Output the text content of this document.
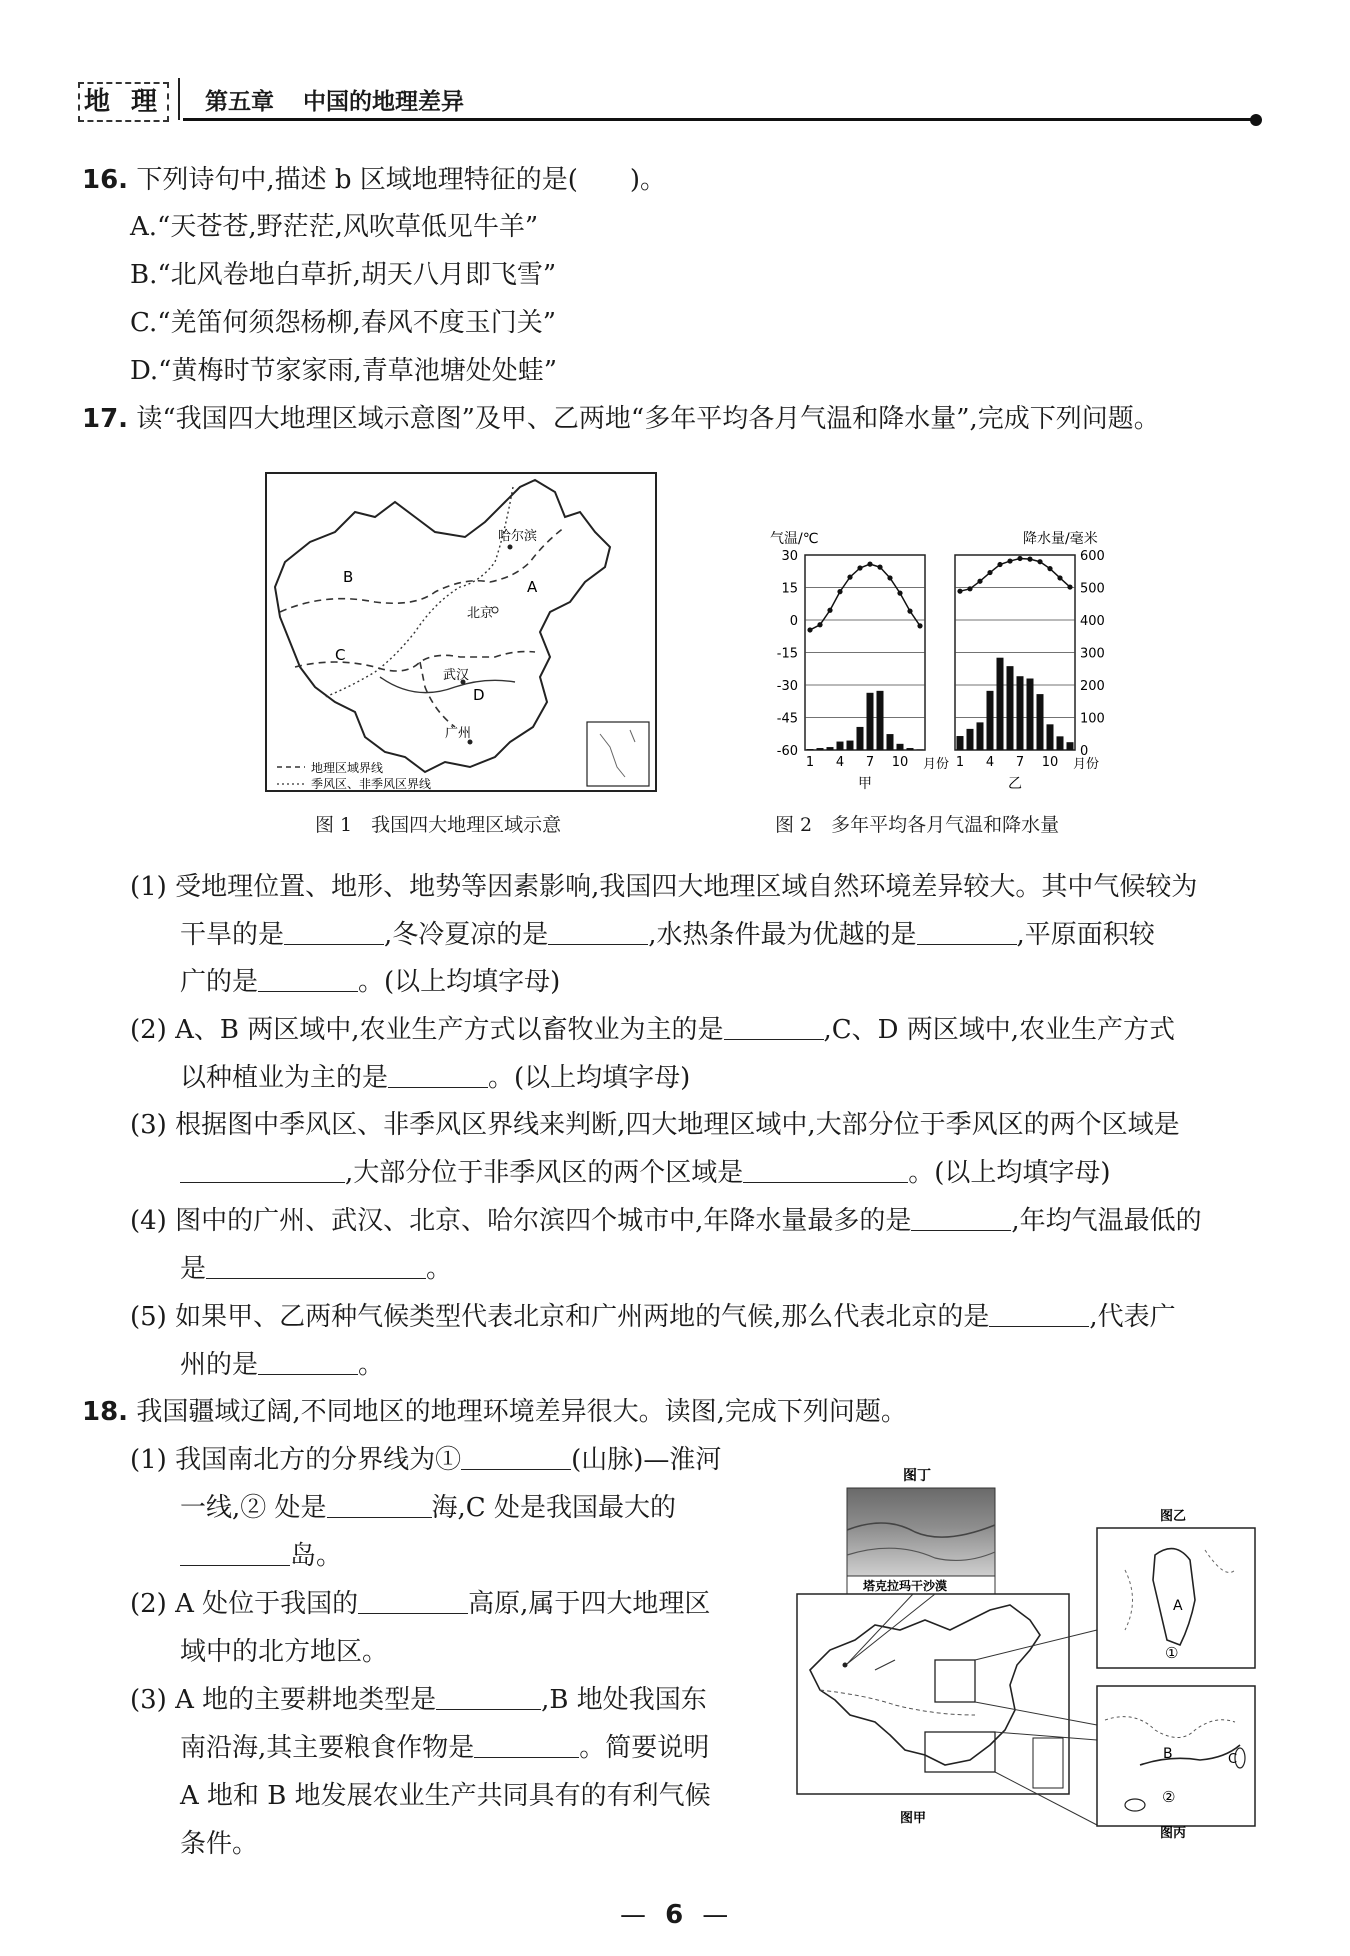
地 理 第五章 中国的地理差异
16. 下列诗句中,描述 b 区域地理特征的是(　　)。
A.“天苍苍,野茫茫,风吹草低见牛羊”
B.“北风卷地白草折,胡天八月即飞雪”
C.“羌笛何须怨杨柳,春风不度玉门关”
D.“黄梅时节家家雨,青草池塘处处蛙”
17. 读“我国四大地理区域示意图”及甲、乙两地“多年平均各月气温和降水量”,完成下列问题。
B
A
C
D
哈尔滨
北京
武汉
广州
地理区域界线
季风区、非季风区界线
图 1　我国四大地理区域示意
气温/℃	降水量/毫米
30
15
0
-15
-30
-45
-60
600
500
400
300
200
100
0
1 4 7 10 月份
甲
1 4 7 10 月份
乙
图 2　多年平均各月气温和降水量
(1) 受地理位置、地形、地势等因素影响,我国四大地理区域自然环境差异较大。其中气候较为
干旱的是	,冬冷夏凉的是	,水热条件最为优越的是	,平原面积较
广的是	。(以上均填字母)
(2) A、B 两区域中,农业生产方式以畜牧业为主的是	,C、D 两区域中,农业生产方式
以种植业为主的是	。(以上均填字母)
(3) 根据图中季风区、非季风区界线来判断,四大地理区域中,大部分位于季风区的两个区域是
,大部分位于非季风区的两个区域是	。(以上均填字母)
(4) 图中的广州、武汉、北京、哈尔滨四个城市中,年降水量最多的是	,年均气温最低的
是	。
(5) 如果甲、乙两种气候类型代表北京和广州两地的气候,那么代表北京的是	,代表广
州的是	。
18. 我国疆域辽阔,不同地区的地理环境差异很大。读图,完成下列问题。
(1) 我国南北方的分界线为①	(山脉)—淮河
一线,② 处是	海,C 处是我国最大的
岛。
(2) A 处位于我国的	高原,属于四大地理区
域中的北方地区。
(3) A 地的主要耕地类型是	,B 地处我国东
南沿海,其主要粮食作物是	。简要说明
A 地和 B 地发展农业生产共同具有的有利气候
条件。
图丁
塔克拉玛干沙漠
图甲
图乙
A
①
B	C
②
图丙
— 6 —
